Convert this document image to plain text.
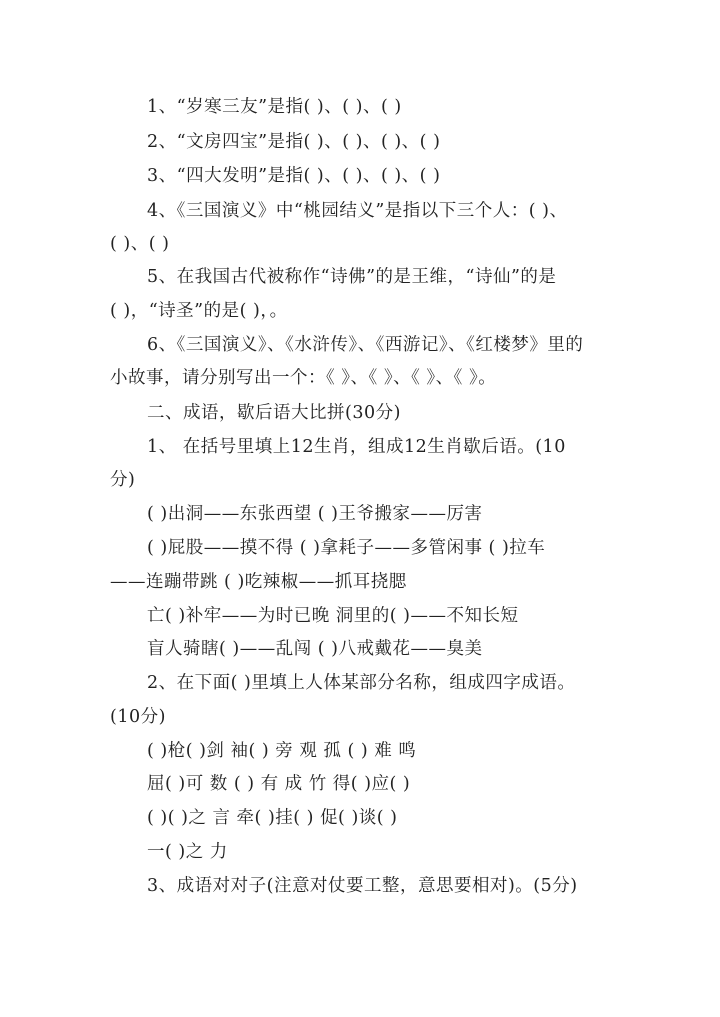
1、“岁寒三友”是指( )、( )、( )
2、“文房四宝”是指( )、( )、( )、( )
3、“四大发明”是指( )、( )、( )、( )
4、《三国演义》中“桃园结义”是指以下三个人：( )、
( )、( )
5、在我国古代被称作“诗佛”的是王维，“诗仙”的是
( )，“诗圣”的是( )，。
6、《三国演义》、《水浒传》、《西游记》、《红楼梦》里的
小故事，请分别写出一个：《 》、《 》、《 》、《 》。
二、成语，歇后语大比拼(30分)
1、 在括号里填上12生肖，组成12生肖歇后语。(10
分)
( )出洞——东张西望 ( )王爷搬家——厉害
( )屁股——摸不得 ( )拿耗子——多管闲事 ( )拉车
——连蹦带跳 ( )吃辣椒——抓耳挠腮
亡( )补牢——为时已晚 洞里的( )——不知长短
盲人骑瞎( )——乱闯 ( )八戒戴花——臭美
2、在下面( )里填上人体某部分名称，组成四字成语。
(10分)
( )枪( )剑 袖( ) 旁 观 孤 ( ) 难 鸣
屈( )可 数 ( ) 有 成 竹 得( )应( )
( )( )之 言 牵( )挂( ) 促( )谈( )
一( )之 力
3、成语对对子(注意对仗要工整，意思要相对)。(5分)
